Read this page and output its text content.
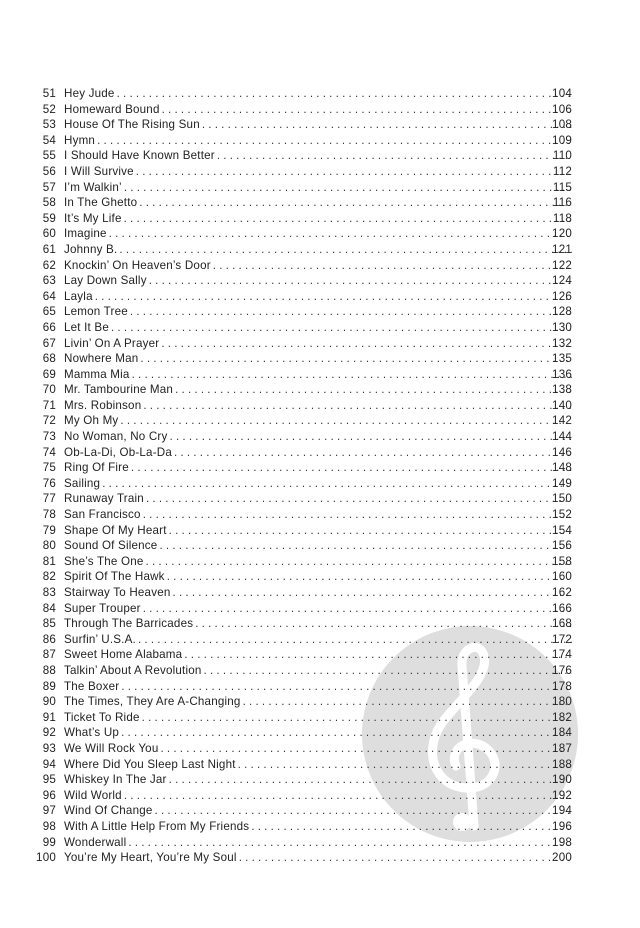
51 Hey Jude . . .	104
52 Homeward Bound . . .	106
53 House Of The Rising Sun . . .	108
54 Hymn . . .	109
55 I Should Have Known Better . . .	110
56 I Will Survive . . .	112
57 I’m Walkin’ . . .	115
58 In The Ghetto . . .	116
59 It’s My Life . . .	118
60 Imagine . . .	120
61 Johnny B. . . .	121
62 Knockin’ On Heaven’s Door . . .	122
63 Lay Down Sally . . .	124
64 Layla . . .	126
65 Lemon Tree . . .	128
66 Let It Be . . .	130
67 Livin’ On A Prayer . . .	132
68 Nowhere Man . . .	135
69 Mamma Mia . . .	136
70 Mr. Tambourine Man . . .	138
71 Mrs. Robinson . . .	140
72 My Oh My . . .	142
73 No Woman, No Cry . . .	144
74 Ob-La-Di, Ob-La-Da . . .	146
75 Ring Of Fire . . .	148
76 Sailing . . .	149
77 Runaway Train . . .	150
78 San Francisco . . .	152
79 Shape Of My Heart . . .	154
80 Sound Of Silence . . .	156
81 She’s The One . . .	158
82 Spirit Of The Hawk . . .	160
83 Stairway To Heaven . . .	162
84 Super Trouper . . .	166
85 Through The Barricades . . .	168
86 Surfin’ U.S.A. . . .	172
87 Sweet Home Alabama . . .	174
88 Talkin’ About A Revolution . . .	176
89 The Boxer . . .	178
90 The Times, They Are A-Changing . . .	180
91 Ticket To Ride . . .	182
92 What’s Up . . .	184
93 We Will Rock You . . .	187
94 Where Did You Sleep Last Night . . .	188
95 Whiskey In The Jar . . .	190
96 Wild World . . .	192
97 Wind Of Change . . .	194
98 With A Little Help From My Friends . . .	196
99 Wonderwall . . .	198
100 You’re My Heart, You’re My Soul . . .	200
